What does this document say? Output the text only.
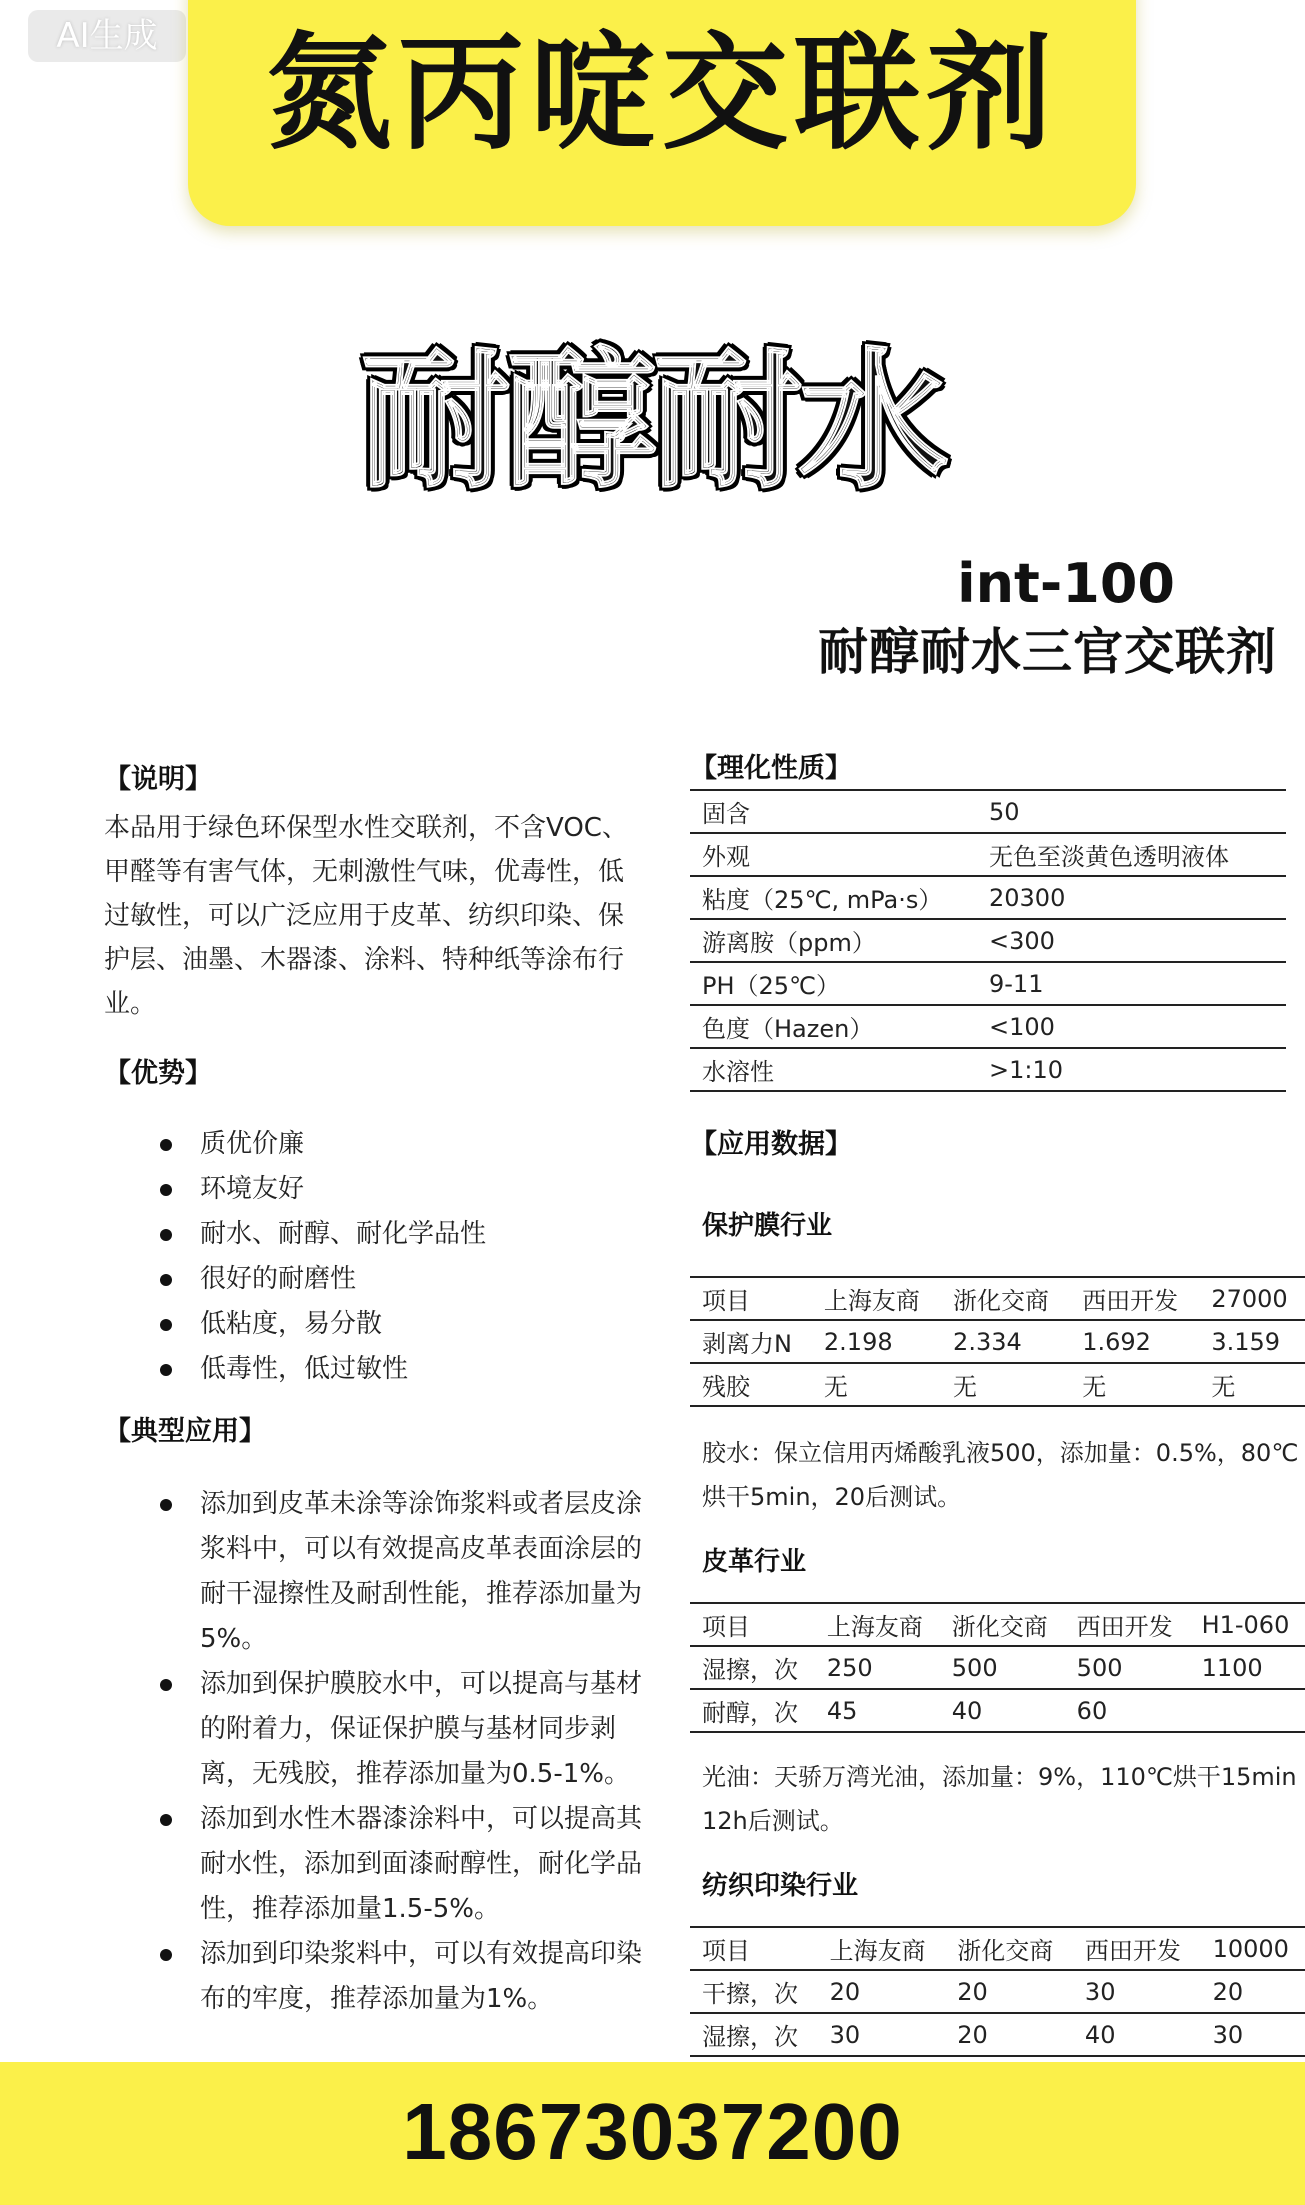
AI生成 氮丙啶交联剂
耐醇耐水
int-100
耐醇耐水三官交联剂

【说明】

本品用于绿色环保型水性交联剂，不含VOC、甲醛等有害气体，无刺激性气味，优毒性，低过敏性，可以广泛应用于皮革、纺织印染、保护层、油墨、木器漆、涂料、特种纸等涂布行业。

【优势】

质优价廉
环境友好
耐水、耐醇、耐化学品性
很好的耐磨性
低粘度，易分散
低毒性，低过敏性

【典型应用】

添加到皮革未涂等涂饰浆料或者层皮涂浆料中，可以有效提高皮革表面涂层的耐干湿擦性及耐刮性能，推荐添加量为5%。
添加到保护膜胶水中，可以提高与基材的附着力，保证保护膜与基材同步剥离，无残胶，推荐添加量为0.5-1%。
添加到水性木器漆涂料中，可以提高其耐水性，添加到面漆耐醇性，耐化学品性，推荐添加量1.5-5%。
添加到印染浆料中，可以有效提高印染布的牢度，推荐添加量为1%。

【理化性质】

固含	50
外观	无色至淡黄色透明液体
粘度（25℃, mPa·s）	20300
游离胺（ppm）	<300
PH（25℃）	9-11
色度（Hazen）	<100
水溶性	>1:10

【应用数据】

保护膜行业

项目	上海友商	浙化交商	西田开发	27000
剥离力N	2.198	2.334	1.692	3.159
残胶	无	无	无	无

胶水：保立信用丙烯酸乳液500，添加量：0.5%，80℃烘干5min，20后测试。

皮革行业

项目	上海友商	浙化交商	西田开发	H1-060
湿擦，次	250	500	500	1100
耐醇，次	45	40	60	

光油：天骄万湾光油，添加量：9%，110℃烘干15min 12h后测试。

纺织印染行业

项目	上海友商	浙化交商	西田开发	10000
干擦，次	20	20	30	20
湿擦，次	30	20	40	30
18673037200
